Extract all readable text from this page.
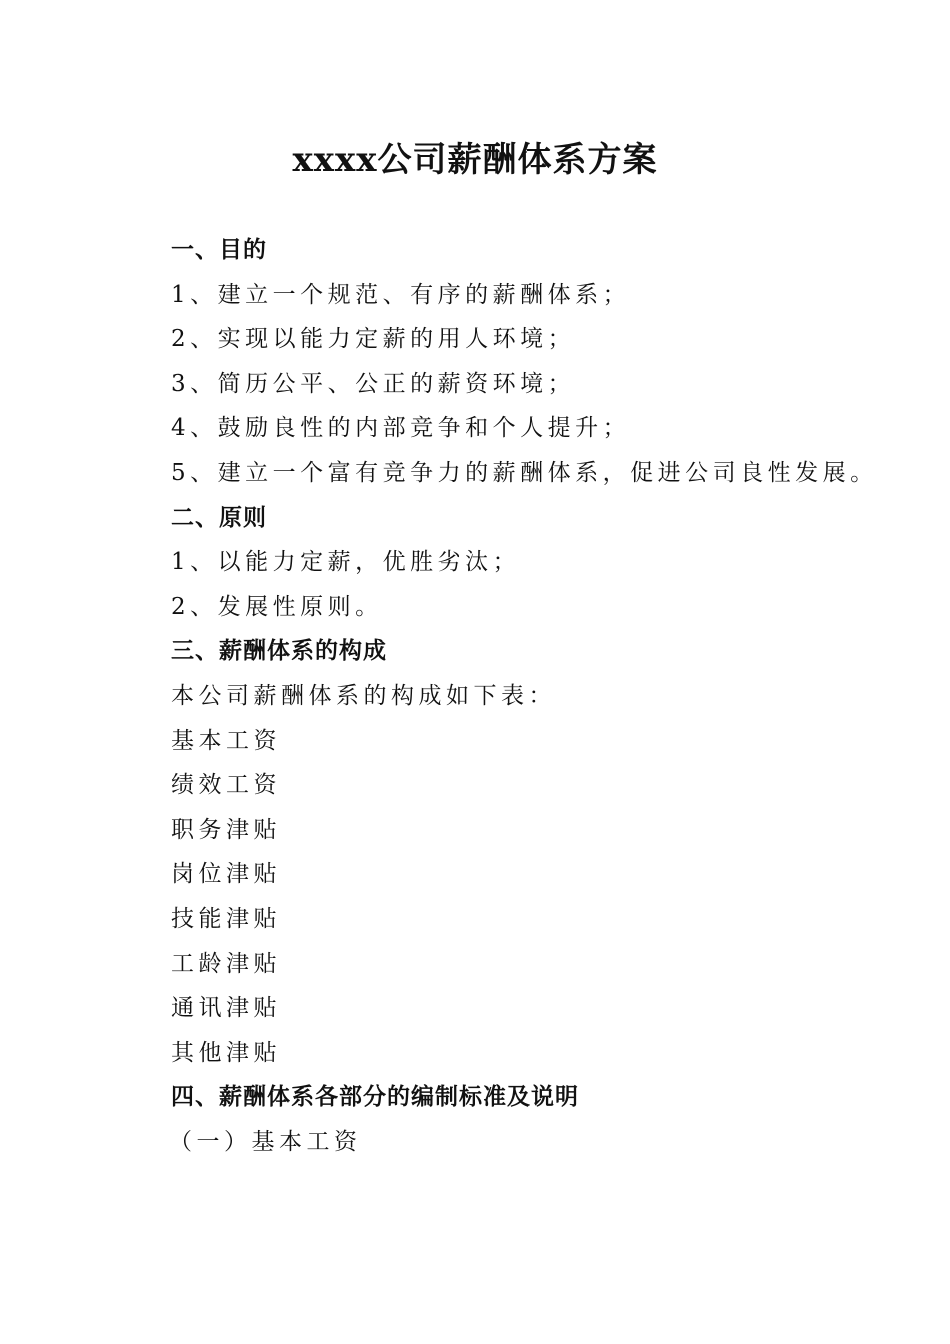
xxxx公司薪酬体系方案
一、目的
1、建立一个规范、有序的薪酬体系；
2、实现以能力定薪的用人环境；
3、简历公平、公正的薪资环境；
4、鼓励良性的内部竞争和个人提升；
5、建立一个富有竞争力的薪酬体系，促进公司良性发展。
二、原则
1、以能力定薪，优胜劣汰；
2、发展性原则。
三、薪酬体系的构成
本公司薪酬体系的构成如下表：
基本工资
绩效工资
职务津贴
岗位津贴
技能津贴
工龄津贴
通讯津贴
其他津贴
四、薪酬体系各部分的编制标准及说明
（一）基本工资
